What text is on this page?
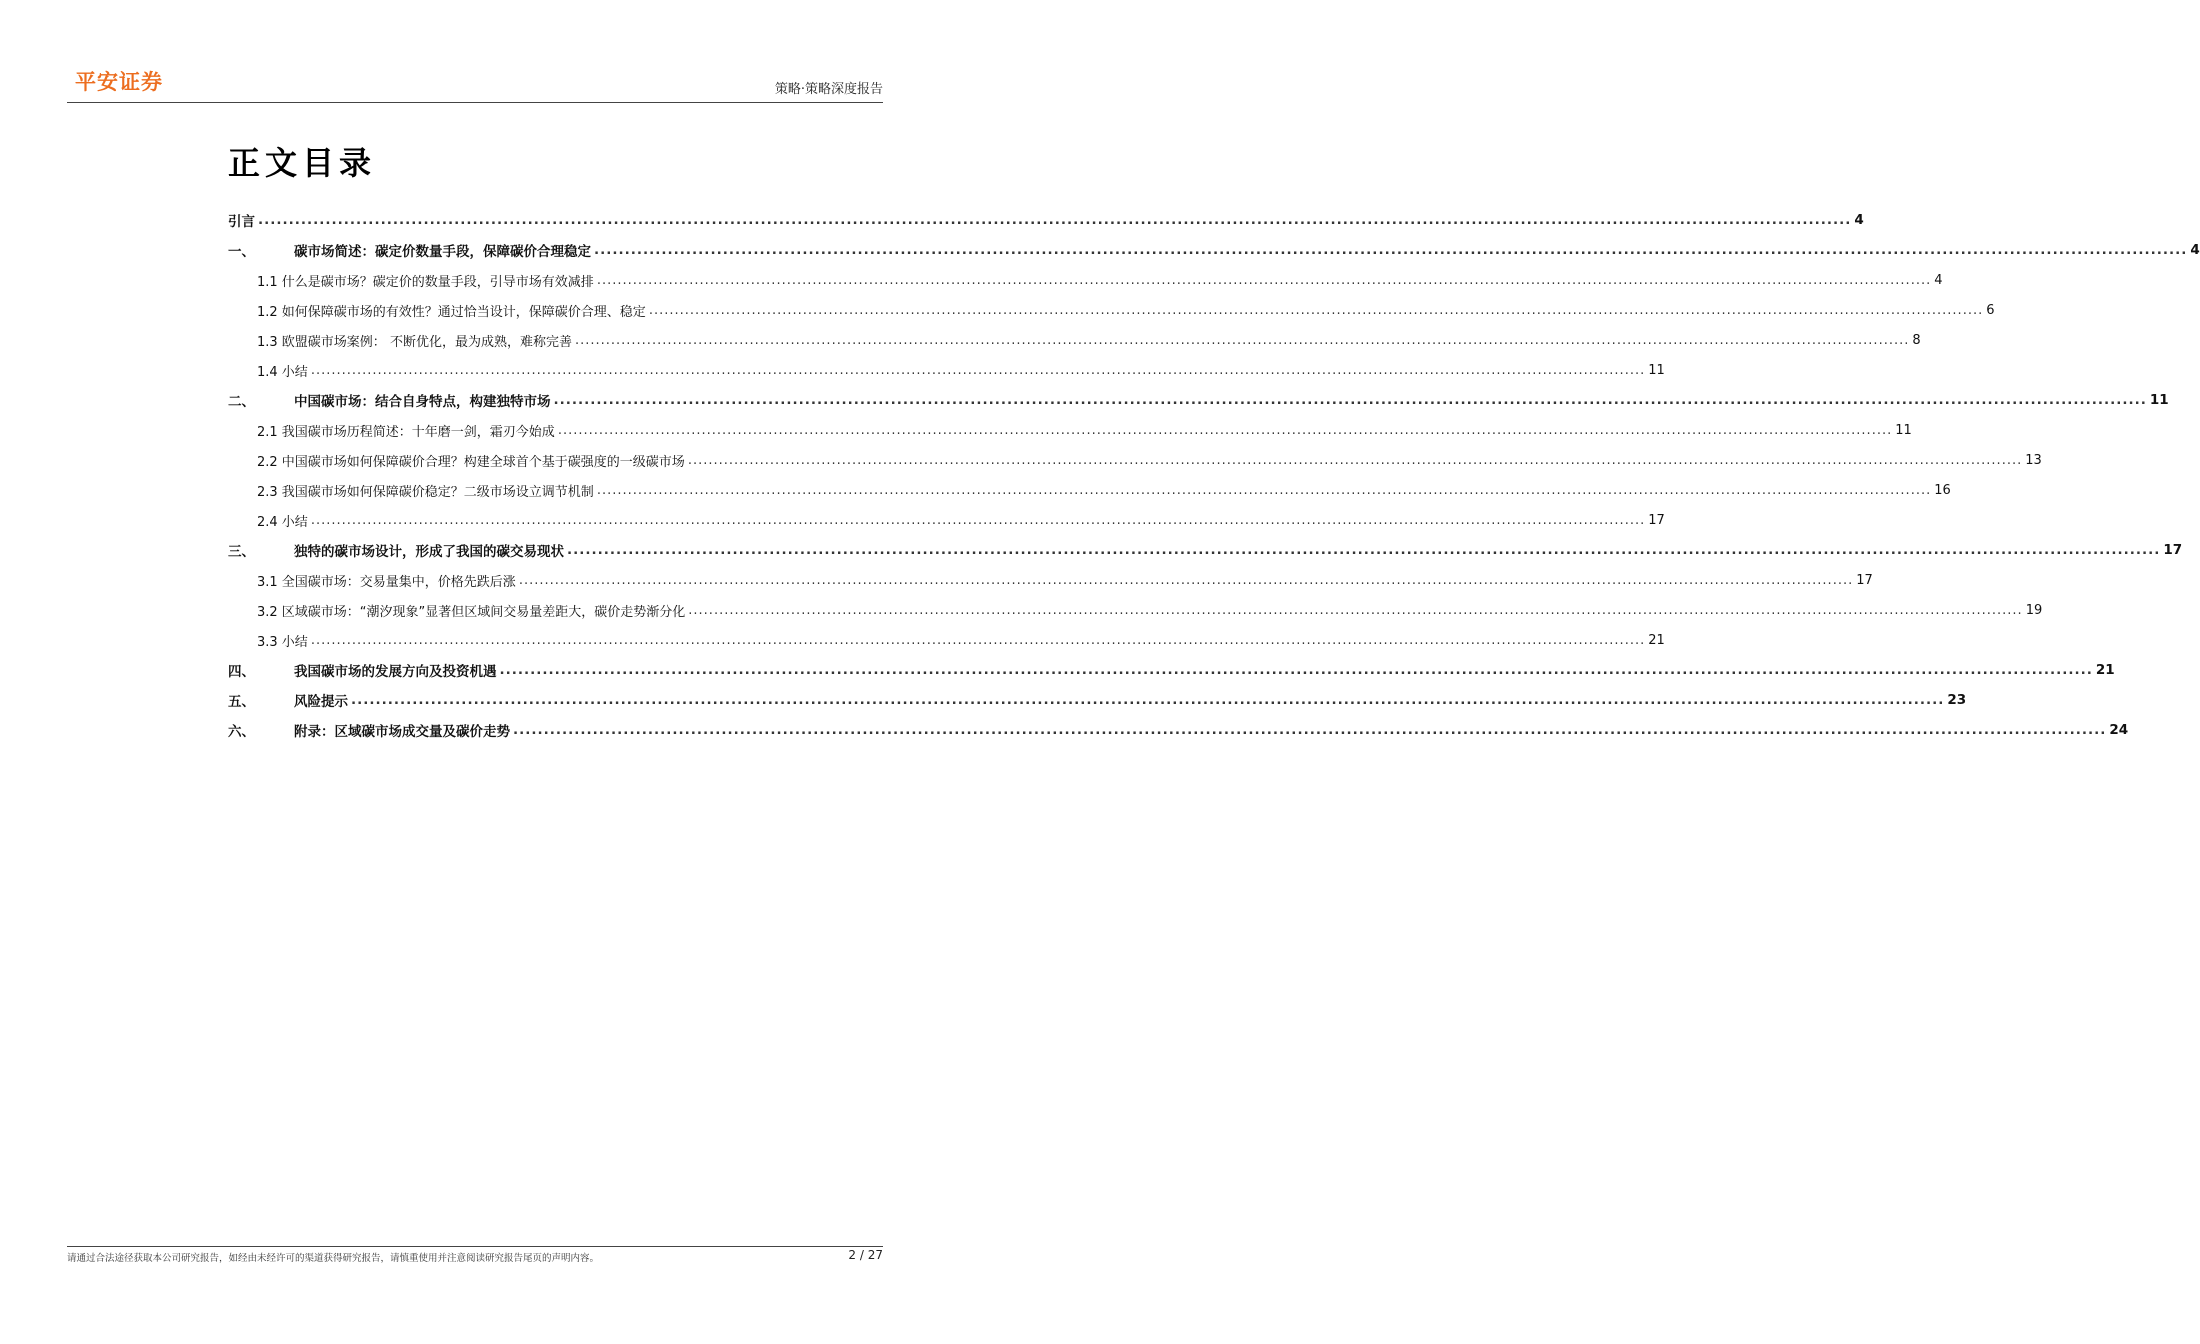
平安证券	策略·策略深度报告
正文目录
引言 .................................................................................................................................................................................................................................................................... 4
一、	碳市场简述：碳定价数量手段，保障碳价合理稳定 .................................................................................................................................................................................................................................................................... 4
1.1 什么是碳市场？碳定价的数量手段，引导市场有效减排 .................................................................................................................................................................................................................................................................... 4
1.2 如何保障碳市场的有效性？通过恰当设计，保障碳价合理、稳定 .................................................................................................................................................................................................................................................................... 6
1.3 欧盟碳市场案例： 不断优化，最为成熟，难称完善 .................................................................................................................................................................................................................................................................... 8
1.4 小结 .................................................................................................................................................................................................................................................................... 11
二、	中国碳市场：结合自身特点，构建独特市场 .................................................................................................................................................................................................................................................................... 11
2.1 我国碳市场历程简述：十年磨一剑，霜刃今始成 .................................................................................................................................................................................................................................................................... 11
2.2 中国碳市场如何保障碳价合理？构建全球首个基于碳强度的一级碳市场 .................................................................................................................................................................................................................................................................... 13
2.3 我国碳市场如何保障碳价稳定？二级市场设立调节机制 .................................................................................................................................................................................................................................................................... 16
2.4 小结 .................................................................................................................................................................................................................................................................... 17
三、	独特的碳市场设计，形成了我国的碳交易现状 .................................................................................................................................................................................................................................................................... 17
3.1 全国碳市场：交易量集中，价格先跌后涨 .................................................................................................................................................................................................................................................................... 17
3.2 区域碳市场：“潮汐现象”显著但区域间交易量差距大，碳价走势渐分化 .................................................................................................................................................................................................................................................................... 19
3.3 小结 .................................................................................................................................................................................................................................................................... 21
四、	我国碳市场的发展方向及投资机遇 .................................................................................................................................................................................................................................................................... 21
五、	风险提示 .................................................................................................................................................................................................................................................................... 23
六、	附录：区域碳市场成交量及碳价走势 .................................................................................................................................................................................................................................................................... 24
请通过合法途径获取本公司研究报告，如经由未经许可的渠道获得研究报告，请慎重使用并注意阅读研究报告尾页的声明内容。	2 / 27
